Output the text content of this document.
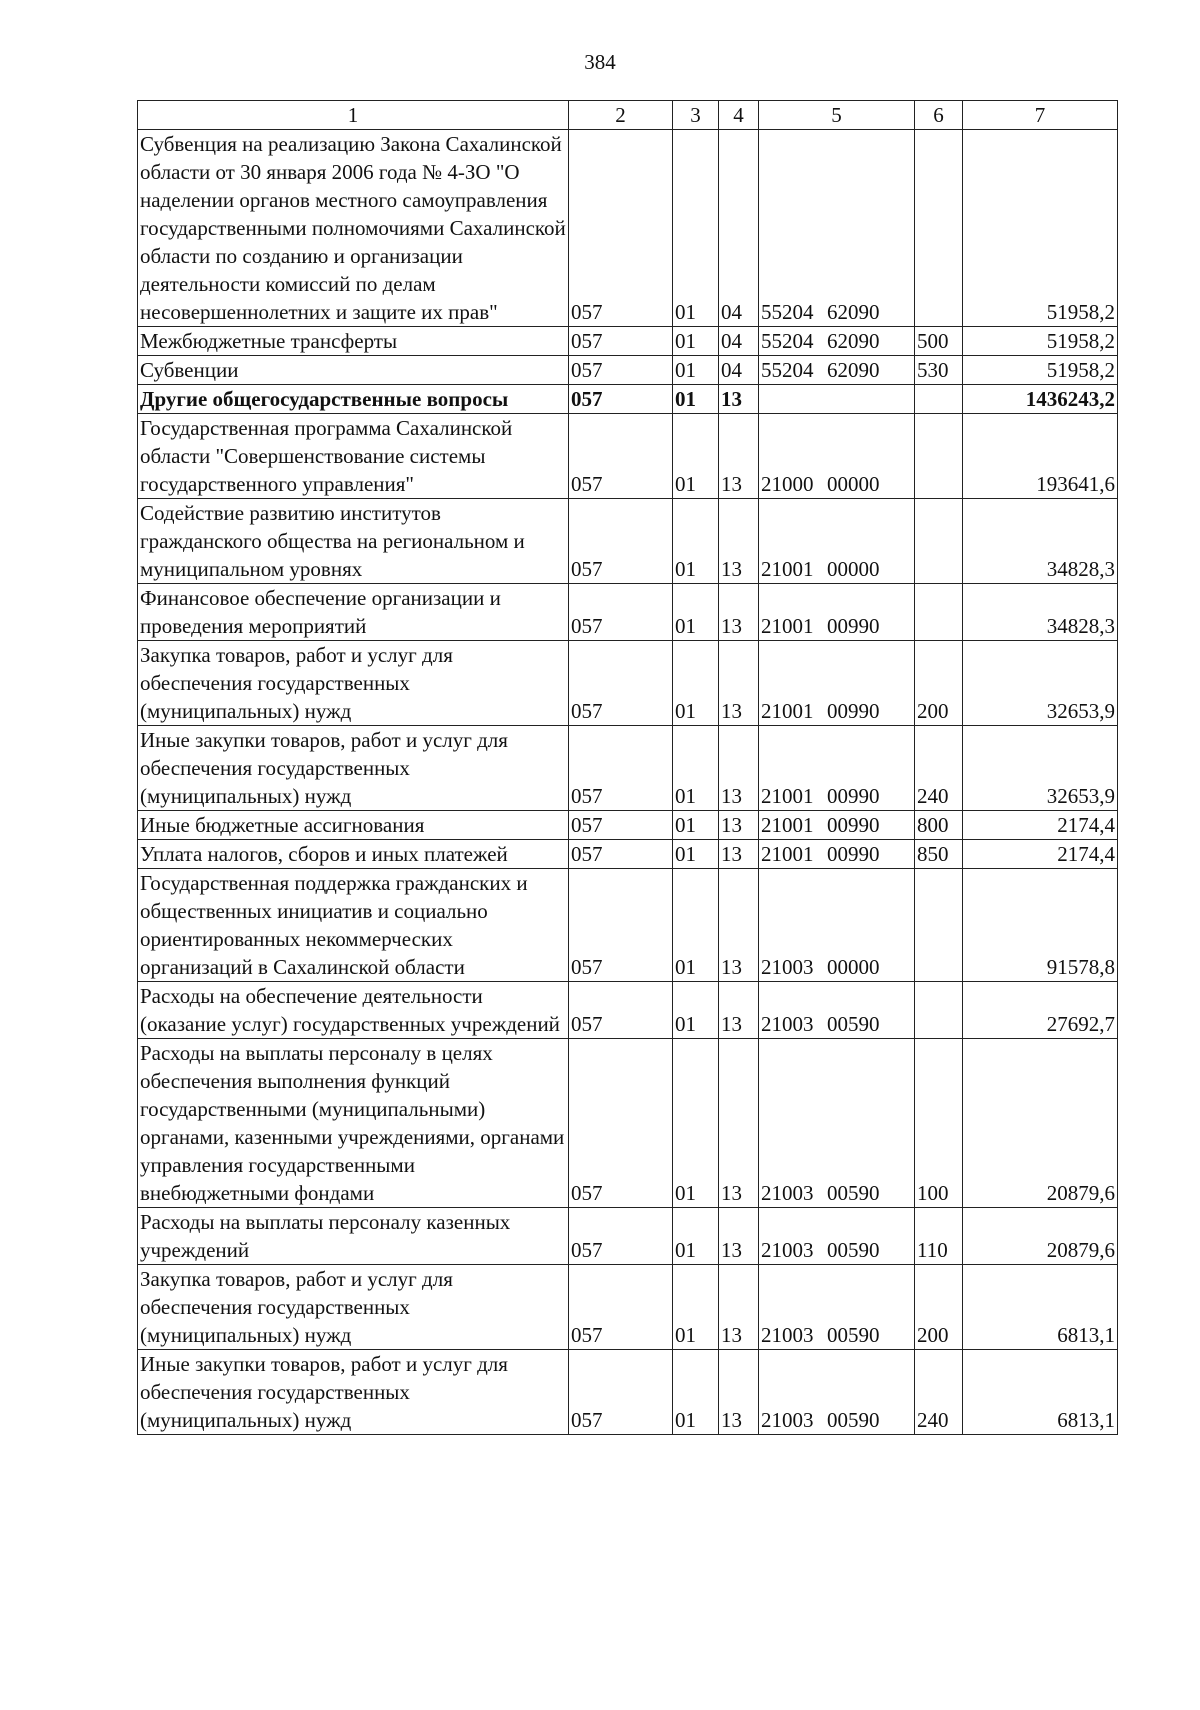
384
1	2	3	4	5	6	7
Субвенция на реализацию Закона Сахалинской области от 30 января 2006 года № 4-ЗО "О наделении органов местного самоуправления государственными полномочиями Сахалинской области по созданию и организации деятельности комиссий по делам несовершеннолетних и защите их прав"	057	01	04	55204 62090		51958,2
Межбюджетные трансферты	057	01	04	55204 62090	500	51958,2
Субвенции	057	01	04	55204 62090	530	51958,2
Другие общегосударственные вопросы	057	01	13			1436243,2
Государственная программа Сахалинской области "Совершенствование системы государственного управления"	057	01	13	21000 00000		193641,6
Содействие развитию институтов гражданского общества на региональном и муниципальном уровнях	057	01	13	21001 00000		34828,3
Финансовое обеспечение организации и проведения мероприятий	057	01	13	21001 00990		34828,3
Закупка товаров, работ и услуг для обеспечения государственных (муниципальных) нужд	057	01	13	21001 00990	200	32653,9
Иные закупки товаров, работ и услуг для обеспечения государственных (муниципальных) нужд	057	01	13	21001 00990	240	32653,9
Иные бюджетные ассигнования	057	01	13	21001 00990	800	2174,4
Уплата налогов, сборов и иных платежей	057	01	13	21001 00990	850	2174,4
Государственная поддержка гражданских и общественных инициатив и социально ориентированных некоммерческих организаций в Сахалинской области	057	01	13	21003 00000		91578,8
Расходы на обеспечение деятельности (оказание услуг) государственных учреждений	057	01	13	21003 00590		27692,7
Расходы на выплаты персоналу в целях обеспечения выполнения функций государственными (муниципальными) органами, казенными учреждениями, органами управления государственными внебюджетными фондами	057	01	13	21003 00590	100	20879,6
Расходы на выплаты персоналу казенных учреждений	057	01	13	21003 00590	110	20879,6
Закупка товаров, работ и услуг для обеспечения государственных (муниципальных) нужд	057	01	13	21003 00590	200	6813,1
Иные закупки товаров, работ и услуг для обеспечения государственных (муниципальных) нужд	057	01	13	21003 00590	240	6813,1
